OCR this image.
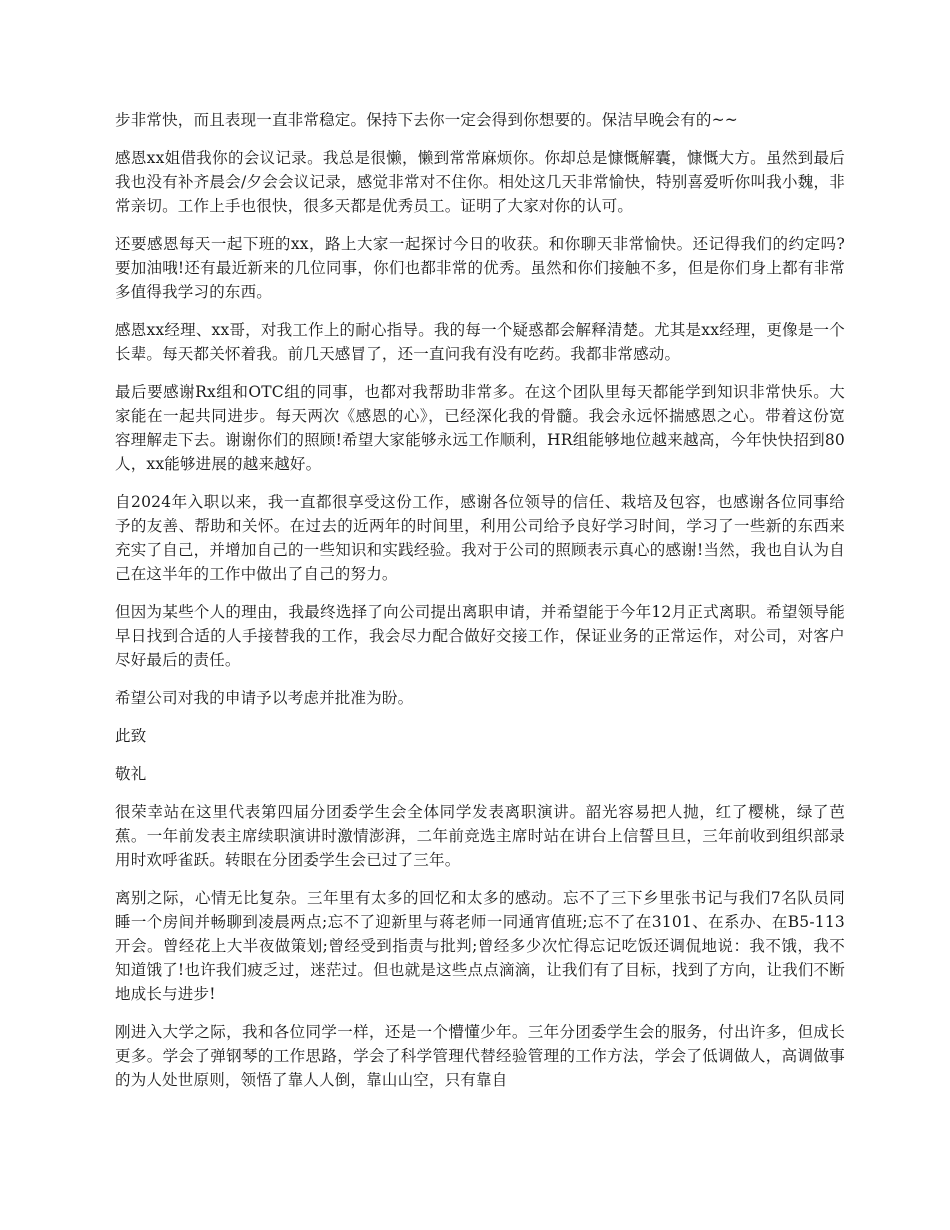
步非常快，而且表现一直非常稳定。保持下去你一定会得到你想要的。保洁早晚会有的~~

感恩xx姐借我你的会议记录。我总是很懒，懒到常常麻烦你。你却总是慷慨解囊，慷慨大方。虽然到最后我也没有补齐晨会/夕会会议记录，感觉非常对不住你。相处这几天非常愉快，特别喜爱听你叫我小魏，非常亲切。工作上手也很快，很多天都是优秀员工。证明了大家对你的认可。

还要感恩每天一起下班的xx，路上大家一起探讨今日的收获。和你聊天非常愉快。还记得我们的约定吗?要加油哦!还有最近新来的几位同事，你们也都非常的优秀。虽然和你们接触不多，但是你们身上都有非常多值得我学习的东西。

感恩xx经理、xx哥，对我工作上的耐心指导。我的每一个疑惑都会解释清楚。尤其是xx经理，更像是一个长辈。每天都关怀着我。前几天感冒了，还一直问我有没有吃药。我都非常感动。

最后要感谢Rx组和OTC组的同事，也都对我帮助非常多。在这个团队里每天都能学到知识非常快乐。大家能在一起共同进步。每天两次《感恩的心》，已经深化我的骨髓。我会永远怀揣感恩之心。带着这份宽容理解走下去。谢谢你们的照顾!希望大家能够永远工作顺利，HR组能够地位越来越高，今年快快招到80人，xx能够进展的越来越好。

自2024年入职以来，我一直都很享受这份工作，感谢各位领导的信任、栽培及包容，也感谢各位同事给予的友善、帮助和关怀。在过去的近两年的时间里，利用公司给予良好学习时间，学习了一些新的东西来充实了自己，并增加自己的一些知识和实践经验。我对于公司的照顾表示真心的感谢!当然，我也自认为自己在这半年的工作中做出了自己的努力。

但因为某些个人的理由，我最终选择了向公司提出离职申请，并希望能于今年12月正式离职。希望领导能早日找到合适的人手接替我的工作，我会尽力配合做好交接工作，保证业务的正常运作，对公司，对客户尽好最后的责任。

希望公司对我的申请予以考虑并批准为盼。

此致

敬礼

很荣幸站在这里代表第四届分团委学生会全体同学发表离职演讲。韶光容易把人抛，红了樱桃，绿了芭蕉。一年前发表主席续职演讲时激情澎湃，二年前竞选主席时站在讲台上信誓旦旦，三年前收到组织部录用时欢呼雀跃。转眼在分团委学生会已过了三年。

离别之际，心情无比复杂。三年里有太多的回忆和太多的感动。忘不了三下乡里张书记与我们7名队员同睡一个房间并畅聊到凌晨两点;忘不了迎新里与蒋老师一同通宵值班;忘不了在3101、在系办、在B5-113开会。曾经花上大半夜做策划;曾经受到指责与批判;曾经多少次忙得忘记吃饭还调侃地说：我不饿，我不知道饿了!也许我们疲乏过，迷茫过。但也就是这些点点滴滴，让我们有了目标，找到了方向，让我们不断地成长与进步!

刚进入大学之际，我和各位同学一样，还是一个懵懂少年。三年分团委学生会的服务，付出许多，但成长更多。学会了弹钢琴的工作思路，学会了科学管理代替经验管理的工作方法，学会了低调做人，高调做事的为人处世原则，领悟了靠人人倒，靠山山空，只有靠自
